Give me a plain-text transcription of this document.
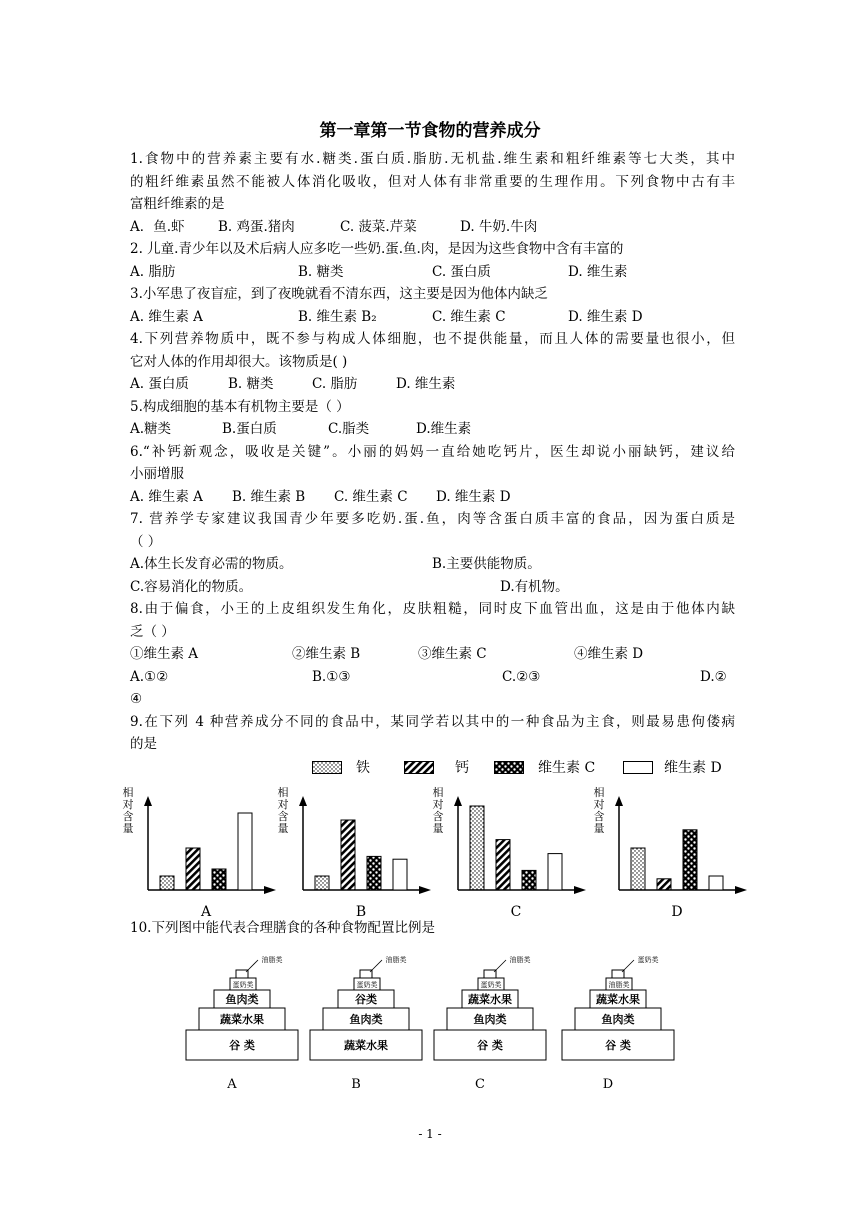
第一章第一节食物的营养成分
1.食物中的营养素主要有水.糖类.蛋白质.脂肪.无机盐.维生素和粗纤维素等七大类，其中
的粗纤维素虽然不能被人体消化吸收，但对人体有非常重要的生理作用。下列食物中古有丰
富粗纤维素的是
A．鱼.虾 B. 鸡蛋.猪肉	C. 菠菜.芹菜	D. 牛奶.牛肉
2. 儿童.青少年以及术后病人应多吃一些奶.蛋.鱼.肉，是因为这些食物中含有丰富的
A. 脂肪	B. 糖类	C. 蛋白质	D. 维生素
3.小军患了夜盲症，到了夜晚就看不清东西，这主要是因为他体内缺乏
A. 维生素 A	B. 维生素 B₂	C. 维生素 C	D. 维生素 D
4.下列营养物质中，既不参与构成人体细胞，也不提供能量，而且人体的需要量也很小，但
它对人体的作用却很大。该物质是( )
A. 蛋白质	B. 糖类	C. 脂肪	D. 维生素
5.构成细胞的基本有机物主要是（ ）
A.糖类	B.蛋白质	C.脂类	D.维生素
6.“补钙新观念，吸收是关键”。小丽的妈妈一直给她吃钙片，医生却说小丽缺钙，建议给
小丽增服
A. 维生素 A B. 维生素 B C. 维生素 C D. 维生素 D
7. 营养学专家建议我国青少年要多吃奶.蛋.鱼，肉等含蛋白质丰富的食品，因为蛋白质是
（ ）
A.体生长发育必需的物质。	B.主要供能物质。
C.容易消化的物质。	D.有机物。
8.由于偏食，小王的上皮组织发生角化，皮肤粗糙，同时皮下血管出血，这是由于他体内缺
乏（ ）
①维生素 A	②维生素 B	③维生素 C	④维生素 D
A.①②	B.①③	C.②③	D.②
④
9.在下列 4 种营养成分不同的食品中，某同学若以其中的一种食品为主食，则最易患佝偻病
的是
铁	钙	维生素 C	维生素 D
相
对
含
量
A
相
对
含
量
B
相
对
含
量
C
相
对
含
量
D
10.下列图中能代表合理膳食的各种食物配置比例是
谷 类
蔬菜水果
鱼肉类
蛋奶类
油脂类
A
蔬菜水果
鱼肉类
谷类
蛋奶类
油脂类
B
谷 类
鱼肉类
蔬菜水果
蛋奶类
油脂类
C
谷 类
鱼肉类
蔬菜水果
油脂类
蛋奶类
D
- 1 -
